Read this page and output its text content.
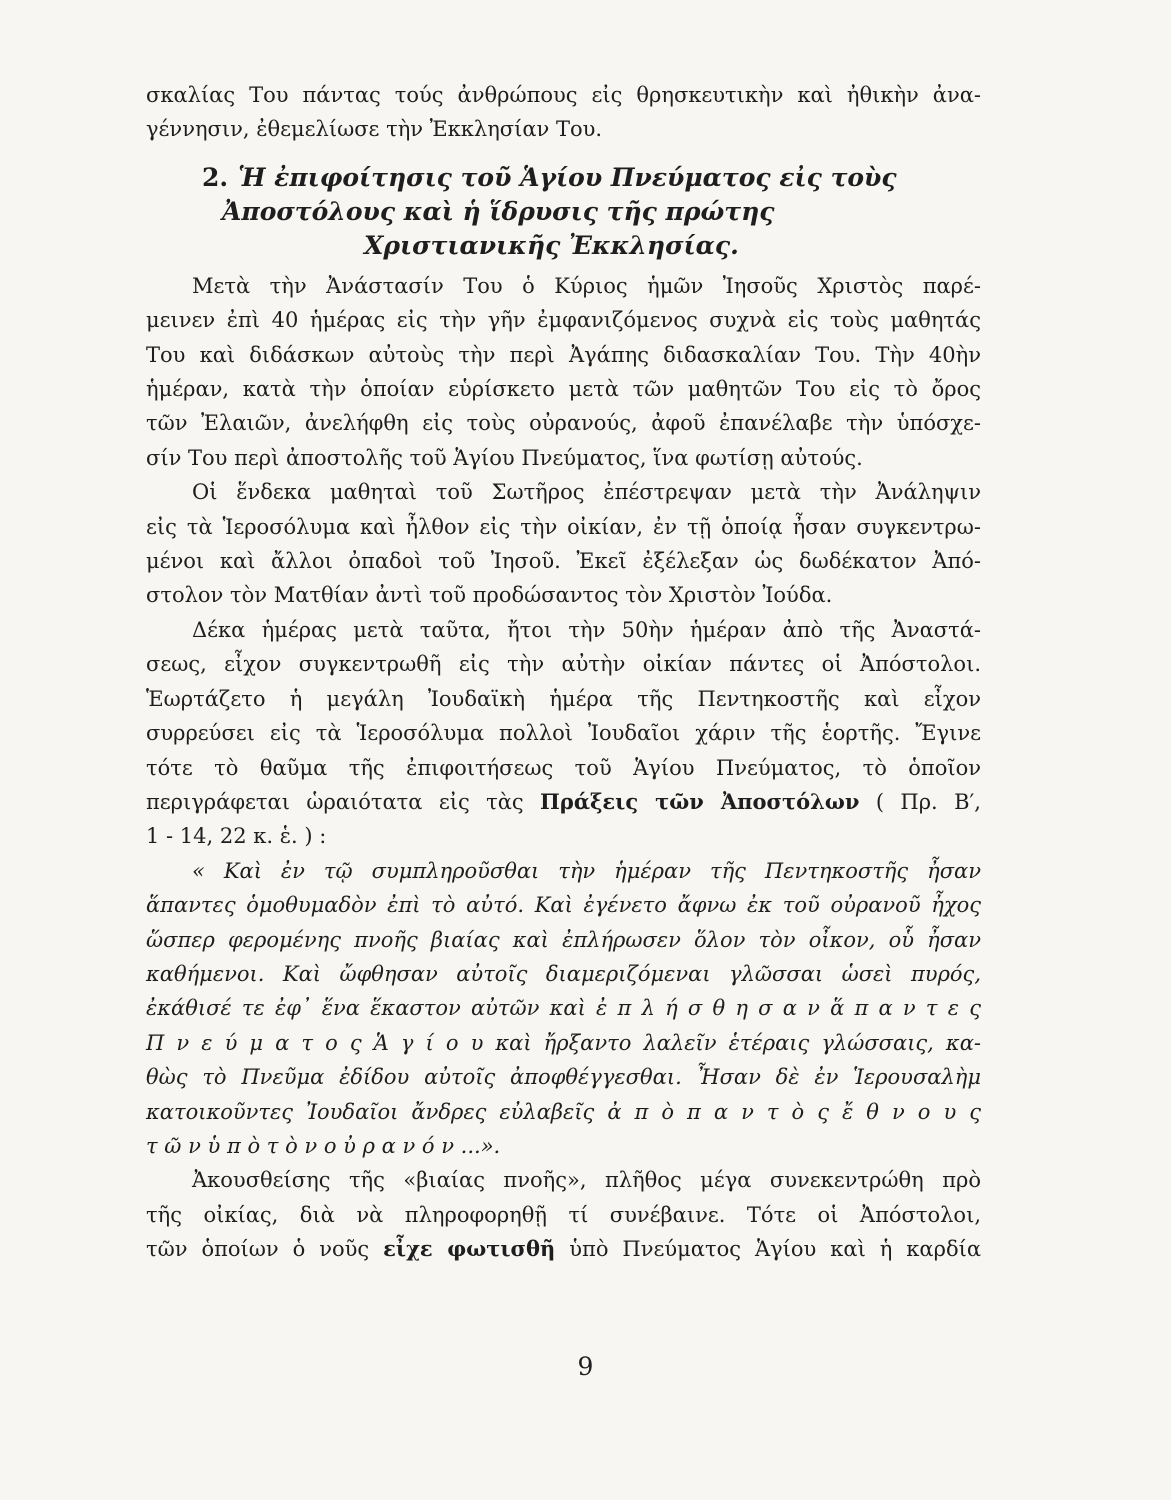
σκαλίας Του πάντας τούς ἀνθρώπους εἰς θρησκευτικὴν καὶ ἠθικὴν ἀνα-
γέννησιν, ἐθεμελίωσε τὴν Ἐκκλησίαν Του.
2. Ἡ ἐπιφοίτησις τοῦ Ἁγίου Πνεύματος εἰς τοὺς
Ἀποστόλους καὶ ἡ ἵδρυσις τῆς πρώτης
Χριστιανικῆς Ἐκκλησίας.
Μετὰ τὴν Ἀνάστασίν Του ὁ Κύριος ἡμῶν Ἰησοῦς Χριστὸς παρέ-
μεινεν ἐπὶ 40 ἡμέρας εἰς τὴν γῆν ἐμφανιζόμενος συχνὰ εἰς τοὺς μαθητάς
Του καὶ διδάσκων αὐτοὺς τὴν περὶ Ἀγάπης διδασκαλίαν Του. Τὴν 40ὴν
ἡμέραν, κατὰ τὴν ὁποίαν εὑρίσκετο μετὰ τῶν μαθητῶν Του εἰς τὸ ὄρος
τῶν Ἐλαιῶν, ἀνελήφθη εἰς τοὺς οὐρανούς, ἀφοῦ ἐπανέλαβε τὴν ὑπόσχε-
σίν Του περὶ ἀποστολῆς τοῦ Ἁγίου Πνεύματος, ἵνα φωτίσῃ αὐτούς.
Οἱ ἕνδεκα μαθηταὶ τοῦ Σωτῆρος ἐπέστρεψαν μετὰ τὴν Ἀνάληψιν
εἰς τὰ Ἱεροσόλυμα καὶ ἦλθον εἰς τὴν οἰκίαν, ἐν τῇ ὁποίᾳ ἦσαν συγκεντρω-
μένοι καὶ ἄλλοι ὀπαδοὶ τοῦ Ἰησοῦ. Ἐκεῖ ἐξέλεξαν ὡς δωδέκατον Ἀπό-
στολον τὸν Ματθίαν ἀντὶ τοῦ προδώσαντος τὸν Χριστὸν Ἰούδα.
Δέκα ἡμέρας μετὰ ταῦτα, ἤτοι τὴν 50ὴν ἡμέραν ἀπὸ τῆς Ἀναστά-
σεως, εἶχον συγκεντρωθῆ εἰς τὴν αὐτὴν οἰκίαν πάντες οἱ Ἀπόστολοι.
Ἑωρτάζετο ἡ μεγάλη Ἰουδαϊκὴ ἡμέρα τῆς Πεντηκοστῆς καὶ εἶχον
συρρεύσει εἰς τὰ Ἱεροσόλυμα πολλοὶ Ἰουδαῖοι χάριν τῆς ἑορτῆς. Ἔγινε
τότε τὸ θαῦμα τῆς ἐπιφοιτήσεως τοῦ Ἁγίου Πνεύματος, τὸ ὁποῖον
περιγράφεται ὡραιότατα εἰς τὰς Πράξεις τῶν Ἀποστόλων ( Πρ. Β′,
1 - 14, 22 κ. ἑ. ) :
« Καὶ ἐν τῷ συμπληροῦσθαι τὴν ἡμέραν τῆς Πεντηκοστῆς ἦσαν
ἅπαντες ὁμοθυμαδὸν ἐπὶ τὸ αὐτό. Καὶ ἐγένετο ἄφνω ἐκ τοῦ οὐρανοῦ ἦχος
ὥσπερ φερομένης πνοῆς βιαίας καὶ ἐπλήρωσεν ὅλον τὸν οἶκον, οὗ ἦσαν
καθήμενοι. Καὶ ὤφθησαν αὐτοῖς διαμεριζόμεναι γλῶσσαι ὡσεὶ πυρός,
ἐκάθισέ τε ἐφ᾽ ἕνα ἕκαστον αὐτῶν καὶ ἐ π λ ή σ θ η σ α ν ἅ π α ν τ ε ς
Π ν ε ύ μ α τ ο ς Ἁ γ ί ο υ καὶ ἤρξαντο λαλεῖν ἑτέραις γλώσσαις, κα-
θὼς τὸ Πνεῦμα ἐδίδου αὐτοῖς ἀποφθέγγεσθαι. Ἦσαν δὲ ἐν Ἱερουσαλὴμ
κατοικοῦντες Ἰουδαῖοι ἄνδρες εὐλαβεῖς ἀ π ὸ π α ν τ ὸ ς ἔ θ ν ο υ ς
τ ῶ ν ὑ π ὸ τ ὸ ν ο ὐ ρ α ν ό ν ...».
Ἀκουσθείσης τῆς «βιαίας πνοῆς», πλῆθος μέγα συνεκεντρώθη πρὸ
τῆς οἰκίας, διὰ νὰ πληροφορηθῇ τί συνέβαινε. Τότε οἱ Ἀπόστολοι,
τῶν ὁποίων ὁ νοῦς εἶχε φωτισθῆ ὑπὸ Πνεύματος Ἁγίου καὶ ἡ καρδία
9
